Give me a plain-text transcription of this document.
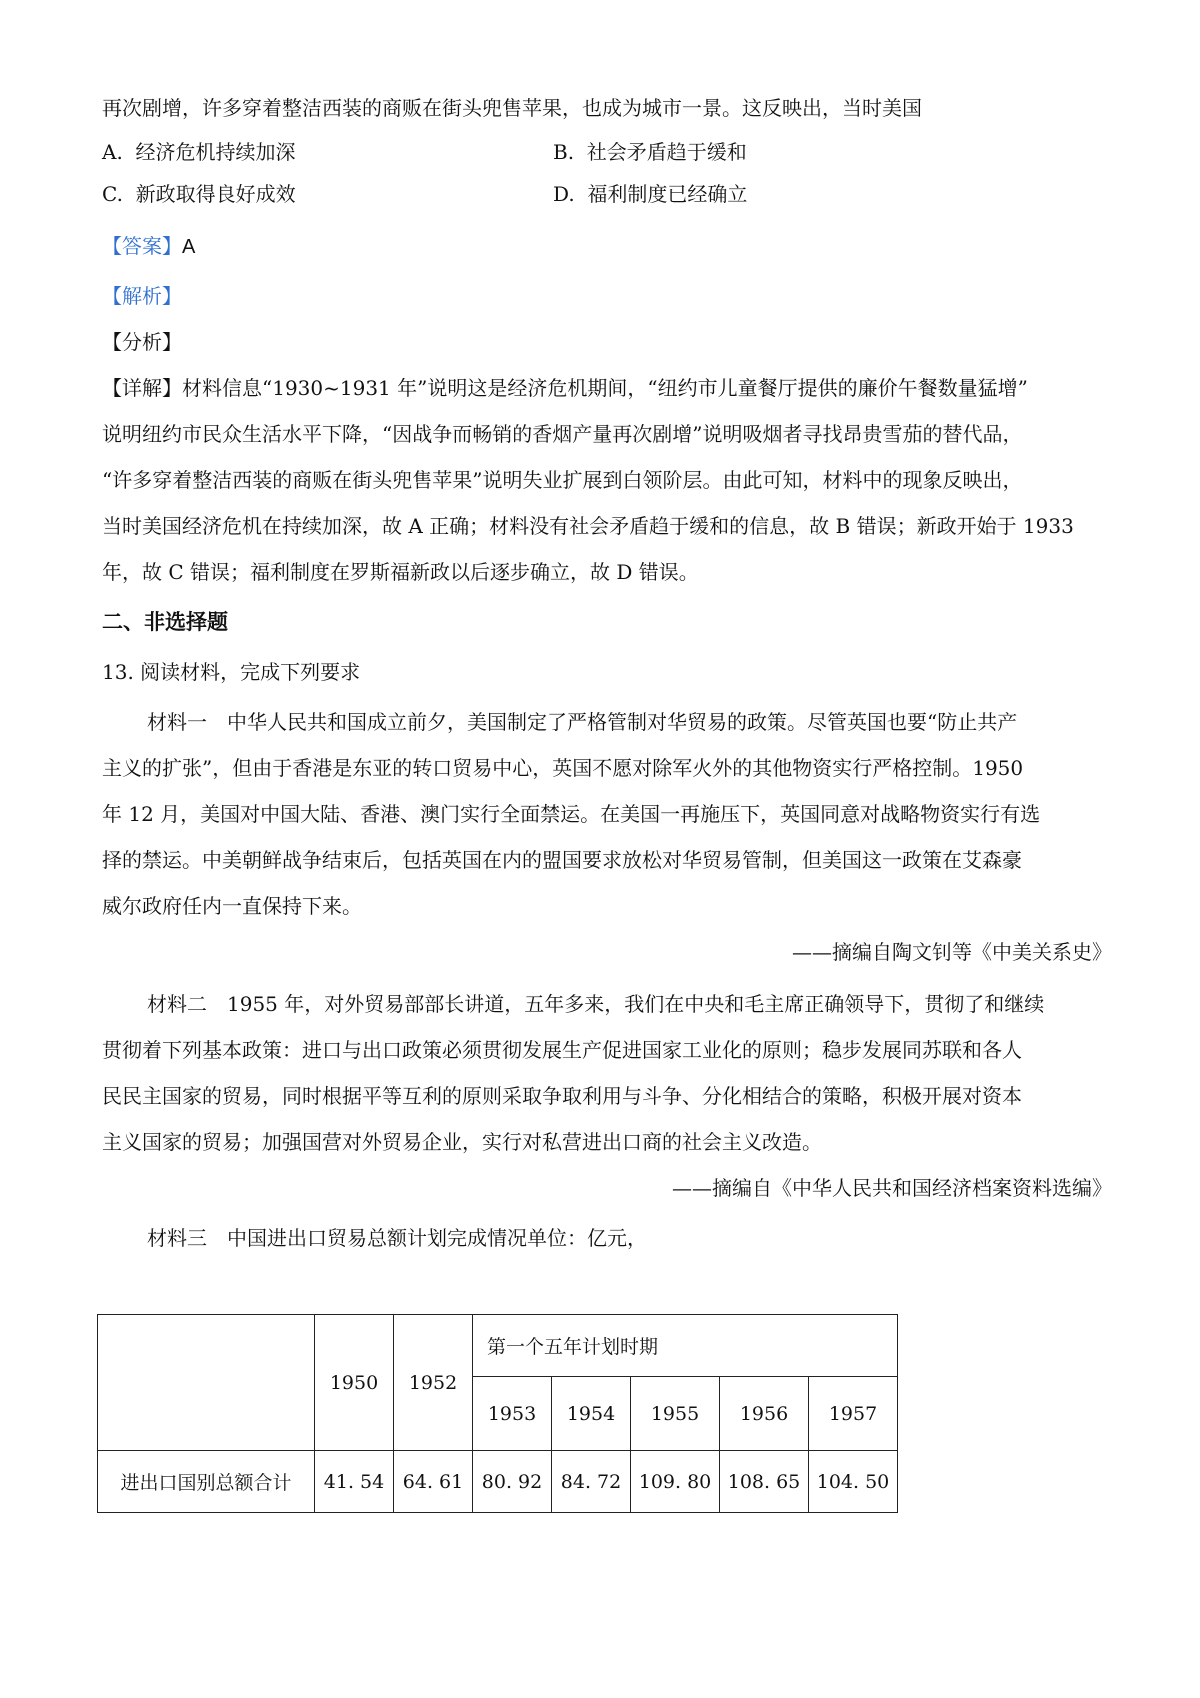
再次剧增，许多穿着整洁西装的商贩在街头兜售苹果，也成为城市一景。这反映出，当时美国
A. 经济危机持续加深	B. 社会矛盾趋于缓和
C. 新政取得良好成效	D. 福利制度已经确立
【答案】A
【解析】
【分析】
【详解】材料信息“1930~1931 年”说明这是经济危机期间，“纽约市儿童餐厅提供的廉价午餐数量猛增”
说明纽约市民众生活水平下降，“因战争而畅销的香烟产量再次剧增”说明吸烟者寻找昂贵雪茄的替代品，
“许多穿着整洁西装的商贩在街头兜售苹果”说明失业扩展到白领阶层。由此可知，材料中的现象反映出，
当时美国经济危机在持续加深，故 A 正确；材料没有社会矛盾趋于缓和的信息，故 B 错误；新政开始于 1933
年，故 C 错误；福利制度在罗斯福新政以后逐步确立，故 D 错误。
二、非选择题
13. 阅读材料，完成下列要求
材料一　中华人民共和国成立前夕，美国制定了严格管制对华贸易的政策。尽管英国也要“防止共产
主义的扩张”，但由于香港是东亚的转口贸易中心，英国不愿对除军火外的其他物资实行严格控制。1950
年 12 月，美国对中国大陆、香港、澳门实行全面禁运。在美国一再施压下，英国同意对战略物资实行有选
择的禁运。中美朝鲜战争结束后，包括英国在内的盟国要求放松对华贸易管制，但美国这一政策在艾森豪
威尔政府任内一直保持下来。
——摘编自陶文钊等《中美关系史》
材料二　1955 年，对外贸易部部长讲道，五年多来，我们在中央和毛主席正确领导下，贯彻了和继续
贯彻着下列基本政策：进口与出口政策必须贯彻发展生产促进国家工业化的原则；稳步发展同苏联和各人
民民主国家的贸易，同时根据平等互利的原则采取争取利用与斗争、分化相结合的策略，积极开展对资本
主义国家的贸易；加强国营对外贸易企业，实行对私营进出口商的社会主义改造。
——摘编自《中华人民共和国经济档案资料选编》
材料三　中国进出口贸易总额计划完成情况单位：亿元，
	1950	1952	第一个五年计划时期				
			1953	1954	1955	1956	1957
进出口国别总额合计	41. 54	64. 61	80. 92	84. 72	109. 80	108. 65	104. 50
